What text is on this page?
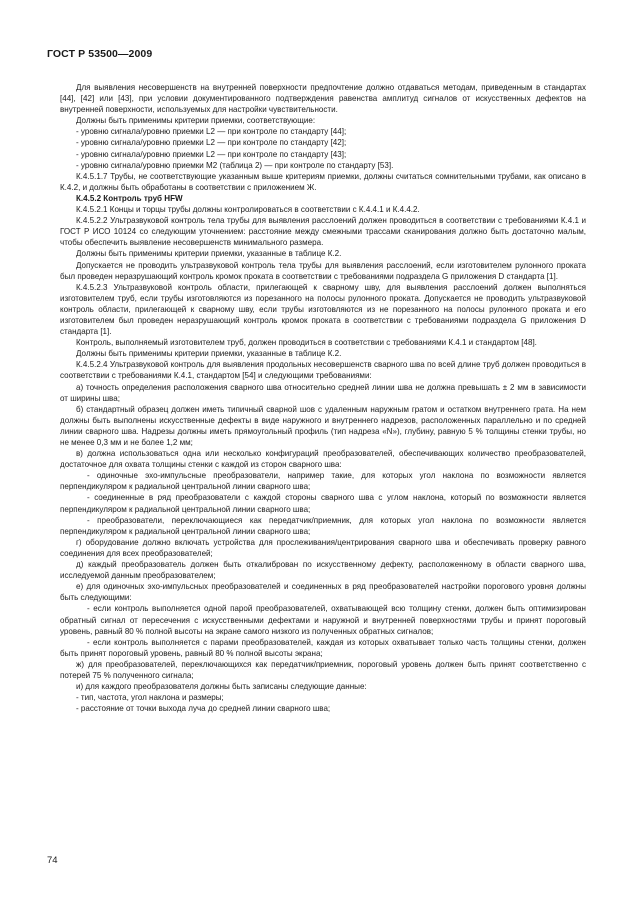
ГОСТ Р 53500—2009

Для выявления несовершенств на внутренней поверхности предпочтение должно отдаваться методам, приведенным в стандартах [44], [42] или [43], при условии документированного подтверждения равенства амплитуд сигналов от искусственных дефектов на внутренней поверхности, используемых для настройки чувствительности.

Должны быть применимы критерии приемки, соответствующие:

- уровню сигнала/уровню приемки L2 — при контроле по стандарту [44];

- уровню сигнала/уровню приемки L2 — при контроле по стандарту [42];

- уровню сигнала/уровню приемки L2 — при контроле по стандарту [43];

- уровню сигнала/уровню приемки M2 (таблица 2) — при контроле по стандарту [53].

К.4.5.1.7 Трубы, не соответствующие указанным выше критериям приемки, должны считаться сомнительными трубами, как описано в К.4.2, и должны быть обработаны в соответствии с приложением Ж.

К.4.5.2 Контроль труб HFW

К.4.5.2.1 Концы и торцы трубы должны контролироваться в соответствии с К.4.4.1 и К.4.4.2.

К.4.5.2.2 Ультразвуковой контроль тела трубы для выявления расслоений должен проводиться в соответствии с требованиями К.4.1 и ГОСТ Р ИСО 10124 со следующим уточнением: расстояние между смежными трассами сканирования должно быть достаточно малым, чтобы обеспечить выявление несовершенств минимального размера.

Должны быть применимы критерии приемки, указанные в таблице К.2.

Допускается не проводить ультразвуковой контроль тела трубы для выявления расслоений, если изготовителем рулонного проката был проведен неразрушающий контроль кромок проката в соответствии с требованиями подраздела G приложения D стандарта [1].

К.4.5.2.3 Ультразвуковой контроль области, прилегающей к сварному шву, для выявления расслоений должен выполняться изготовителем труб, если трубы изготовляются из порезанного на полосы рулонного проката. Допускается не проводить ультразвуковой контроль области, прилегающей к сварному шву, если трубы изготовляются из не порезанного на полосы рулонного проката и его изготовителем был проведен неразрушающий контроль кромок проката в соответствии с требованиями подраздела G приложения D стандарта [1].

Контроль, выполняемый изготовителем труб, должен проводиться в соответствии с требованиями К.4.1 и стандартом [48].

Должны быть применимы критерии приемки, указанные в таблице К.2.

К.4.5.2.4 Ультразвуковой контроль для выявления продольных несовершенств сварного шва по всей длине труб должен проводиться в соответствии с требованиями К.4.1, стандартом [54] и следующими требованиями:

а) точность определения расположения сварного шва относительно средней линии шва не должна превышать ± 2 мм в зависимости от ширины шва;

б) стандартный образец должен иметь типичный сварной шов с удаленным наружным гратом и остатком внутреннего грата. На нем должны быть выполнены искусственные дефекты в виде наружного и внутреннего надрезов, расположенных параллельно и по средней линии сварного шва. Надрезы должны иметь прямоугольный профиль (тип надреза «N»), глубину, равную 5 % толщины стенки трубы, но не менее 0,3 мм и не более 1,2 мм;

в) должна использоваться одна или несколько конфигураций преобразователей, обеспечивающих количество преобразователей, достаточное для охвата толщины стенки с каждой из сторон сварного шва:

- одиночные эхо-импульсные преобразователи, например такие, для которых угол наклона по возможности является перпендикуляром к радиальной центральной линии сварного шва;

- соединенные в ряд преобразователи с каждой стороны сварного шва с углом наклона, который по возможности является перпендикуляром к радиальной центральной линии сварного шва;

- преобразователи, переключающиеся как передатчик/приемник, для которых угол наклона по возможности является перпендикуляром к радиальной центральной линии сварного шва;

г) оборудование должно включать устройства для прослеживания/центрирования сварного шва и обеспечивать проверку равного соединения для всех преобразователей;

д) каждый преобразователь должен быть откалиброван по искусственному дефекту, расположенному в области сварного шва, исследуемой данным преобразователем;

е) для одиночных эхо-импульсных преобразователей и соединенных в ряд преобразователей настройки порогового уровня должны быть следующими:

- если контроль выполняется одной парой преобразователей, охватывающей всю толщину стенки, должен быть оптимизирован обратный сигнал от пересечения с искусственными дефектами и наружной и внутренней поверхностями трубы и принят пороговый уровень, равный 80 % полной высоты на экране самого низкого из полученных обратных сигналов;

- если контроль выполняется с парами преобразователей, каждая из которых охватывает только часть толщины стенки, должен быть принят пороговый уровень, равный 80 % полной высоты экрана;

ж) для преобразователей, переключающихся как передатчик/приемник, пороговый уровень должен быть принят соответственно с потерей 75 % полученного сигнала;

и) для каждого преобразователя должны быть записаны следующие данные:

- тип, частота, угол наклона и размеры;

- расстояние от точки выхода луча до средней линии сварного шва;

74
